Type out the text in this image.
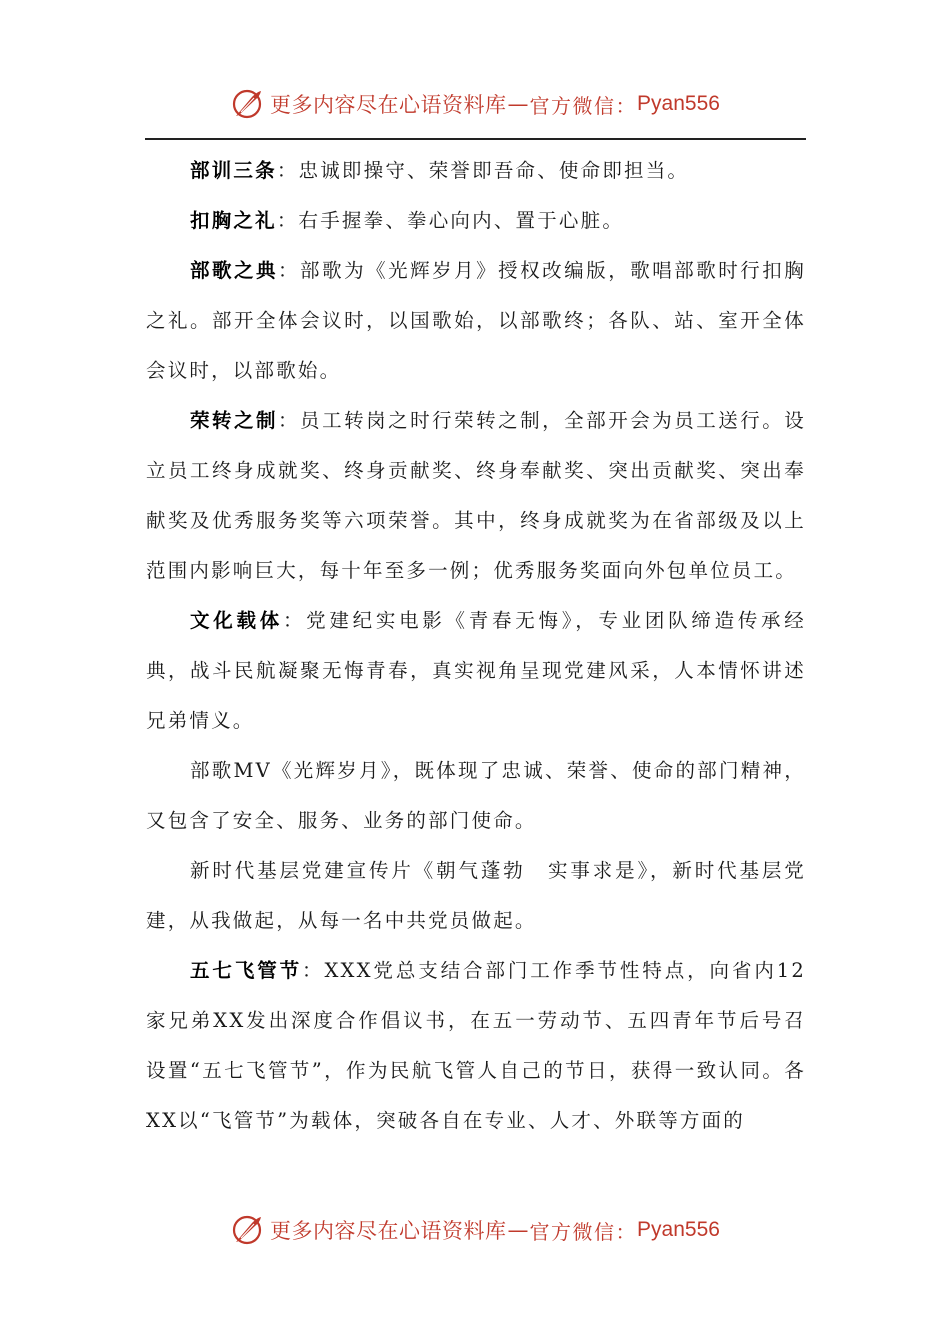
更多内容尽在心语资料库 — 官方微信： Pyan556

部训三条：忠诚即操守、荣誉即吾命、使命即担当。

扣胸之礼：右手握拳、拳心向内、置于心脏。

部歌之典：部歌为《光辉岁月》授权改编版，歌唱部歌时行扣胸之礼。部开全体会议时，以国歌始，以部歌终；各队、站、室开全体会议时，以部歌始。

荣转之制：员工转岗之时行荣转之制，全部开会为员工送行。设立员工终身成就奖、终身贡献奖、终身奉献奖、突出贡献奖、突出奉献奖及优秀服务奖等六项荣誉。其中，终身成就奖为在省部级及以上范围内影响巨大，每十年至多一例；优秀服务奖面向外包单位员工。

文化载体：党建纪实电影《青春无悔》，专业团队缔造传承经典，战斗民航凝聚无悔青春，真实视角呈现党建风采，人本情怀讲述兄弟情义。

部歌MV《光辉岁月》，既体现了忠诚、荣誉、使命的部门精神，又包含了安全、服务、业务的部门使命。

新时代基层党建宣传片《朝气蓬勃　实事求是》，新时代基层党建，从我做起，从每一名中共党员做起。

五七飞管节：XXX党总支结合部门工作季节性特点，向省内12家兄弟XX发出深度合作倡议书，在五一劳动节、五四青年节后号召设置“五七飞管节”，作为民航飞管人自己的节日，获得一致认同。各XX以“飞管节”为载体，突破各自在专业、人才、外联等方面的

更多内容尽在心语资料库 — 官方微信： Pyan556
